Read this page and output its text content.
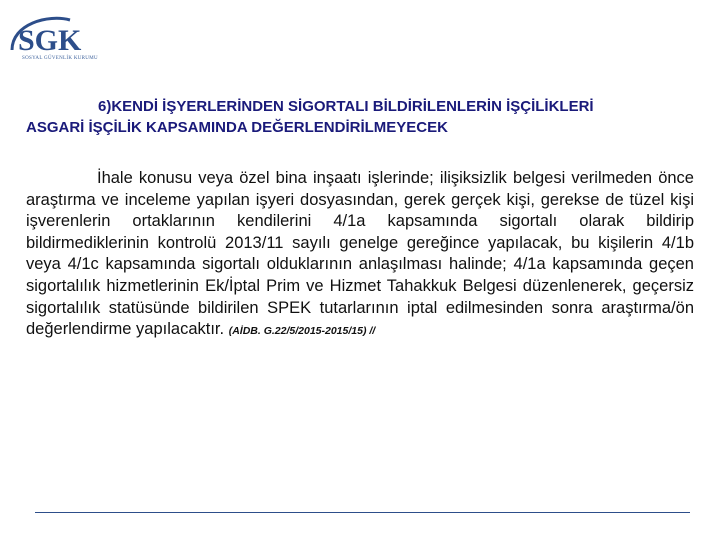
SGK
SOSYAL GÜVENLİK KURUMU
6)KENDİ İŞYERLERİNDEN SİGORTALI BİLDİRİLENLERİN İŞÇİLİKLERİ
ASGARİ İŞÇİLİK KAPSAMINDA DEĞERLENDİRİLMEYECEK
İhale konusu veya özel bina inşaatı işlerinde; ilişiksizlik belgesi verilmeden önce araştırma ve inceleme yapılan işyeri dosyasından, gerek gerçek kişi, gerekse de tüzel kişi işverenlerin ortaklarının kendilerini 4/1a kapsamında sigortalı olarak bildirip bildirmediklerinin kontrolü 2013/11 sayılı genelge gereğince yapılacak, bu kişilerin 4/1b veya 4/1c kapsamında sigortalı olduklarının anlaşılması halinde; 4/1a kapsamında geçen sigortalılık hizmetlerinin Ek/İptal Prim ve Hizmet Tahakkuk Belgesi düzenlenerek, geçersiz sigortalılık statüsünde bildirilen SPEK tutarlarının iptal edilmesinden sonra araştırma/ön değerlendirme yapılacaktır. (AİDB. G.22/5/2015-2015/15) //
